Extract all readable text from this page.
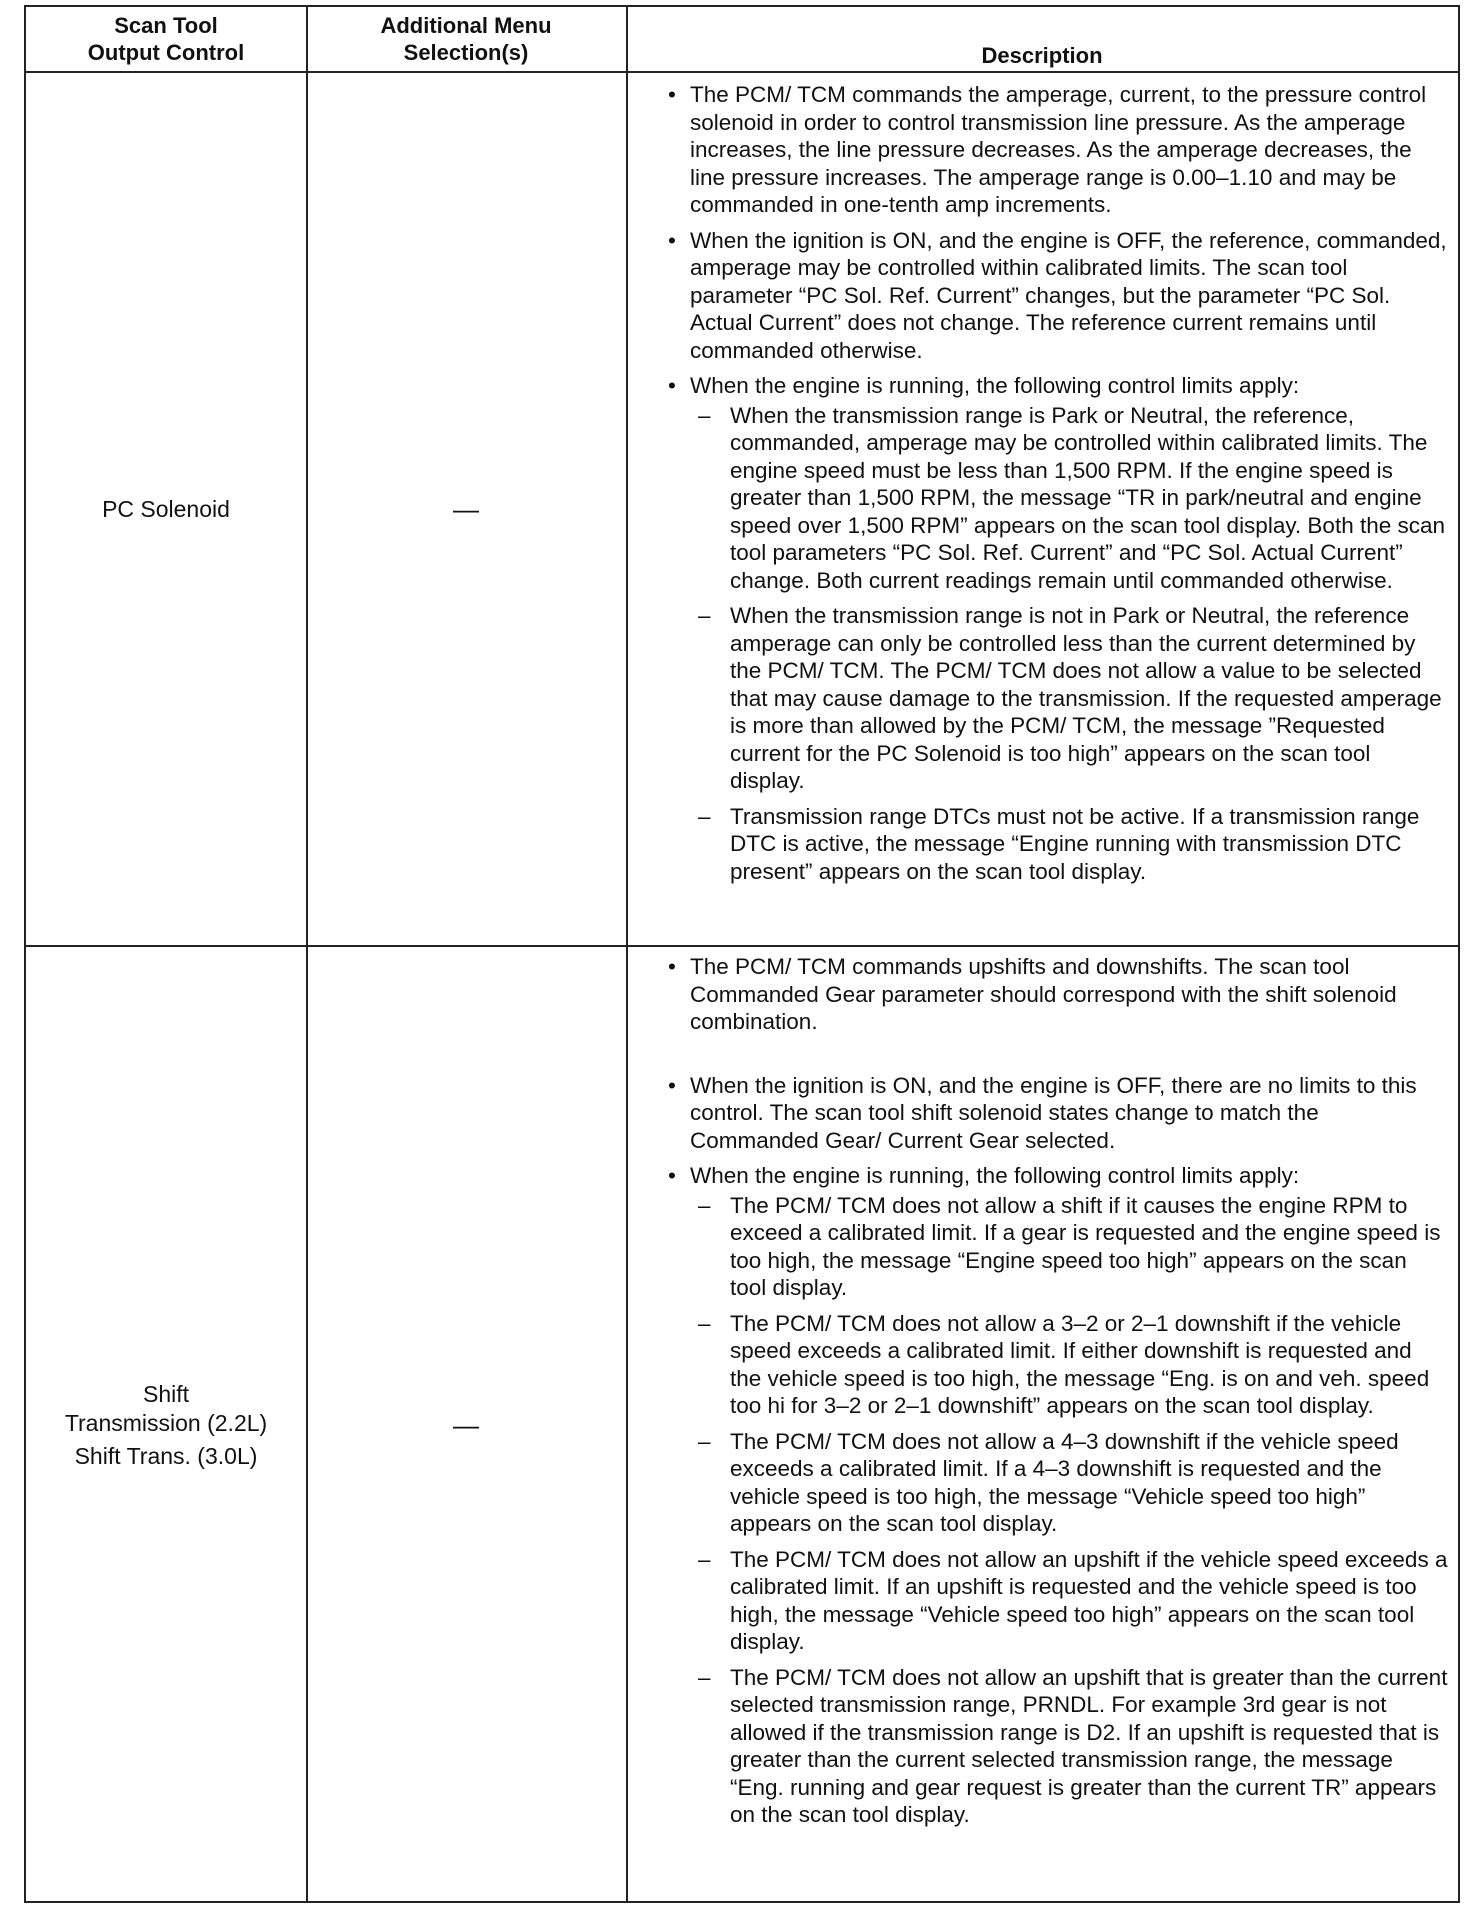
Scan Tool
Output Control
Additional Menu
Selection(s)	Description
PC Solenoid	—
• The PCM/ TCM commands the amperage, current, to the pressure control solenoid in order to control transmission line pressure. As the amperage increases, the line pressure decreases. As the amperage decreases, the line pressure increases. The amperage range is 0.00–1.10 and may be commanded in one-tenth amp increments.
• When the ignition is ON, and the engine is OFF, the reference, commanded, amperage may be controlled within calibrated limits. The scan tool parameter “PC Sol. Ref. Current” changes, but the parameter “PC Sol. Actual Current” does not change. The reference current remains until commanded otherwise.
• When the engine is running, the following control limits apply:
– When the transmission range is Park or Neutral, the reference, commanded, amperage may be controlled within calibrated limits. The engine speed must be less than 1,500 RPM. If the engine speed is greater than 1,500 RPM, the message “TR in park/neutral and engine speed over 1,500 RPM” appears on the scan tool display. Both the scan tool parameters “PC Sol. Ref. Current” and “PC Sol. Actual Current” change. Both current readings remain until commanded otherwise.
– When the transmission range is not in Park or Neutral, the reference amperage can only be controlled less than the current determined by the PCM/ TCM. The PCM/ TCM does not allow a value to be selected that may cause damage to the transmission. If the requested amperage is more than allowed by the PCM/ TCM, the message ”Requested current for the PC Solenoid is too high” appears on the scan tool display.
– Transmission range DTCs must not be active. If a transmission range DTC is active, the message “Engine running with transmission DTC present” appears on the scan tool display.
Shift
Transmission (2.2L)
Shift Trans. (3.0L)
—
• The PCM/ TCM commands upshifts and downshifts. The scan tool Commanded Gear parameter should correspond with the shift solenoid combination.
• When the ignition is ON, and the engine is OFF, there are no limits to this control. The scan tool shift solenoid states change to match the Commanded Gear/ Current Gear selected.
• When the engine is running, the following control limits apply:
– The PCM/ TCM does not allow a shift if it causes the engine RPM to exceed a calibrated limit. If a gear is requested and the engine speed is too high, the message “Engine speed too high” appears on the scan tool display.
– The PCM/ TCM does not allow a 3–2 or 2–1 downshift if the vehicle speed exceeds a calibrated limit. If either downshift is requested and the vehicle speed is too high, the message “Eng. is on and veh. speed too hi for 3–2 or 2–1 downshift” appears on the scan tool display.
– The PCM/ TCM does not allow a 4–3 downshift if the vehicle speed exceeds a calibrated limit. If a 4–3 downshift is requested and the vehicle speed is too high, the message “Vehicle speed too high” appears on the scan tool display.
– The PCM/ TCM does not allow an upshift if the vehicle speed exceeds a calibrated limit. If an upshift is requested and the vehicle speed is too high, the message “Vehicle speed too high” appears on the scan tool display.
– The PCM/ TCM does not allow an upshift that is greater than the current selected transmission range, PRNDL. For example 3rd gear is not allowed if the transmission range is D2. If an upshift is requested that is greater than the current selected transmission range, the message “Eng. running and gear request is greater than the current TR” appears on the scan tool display.
